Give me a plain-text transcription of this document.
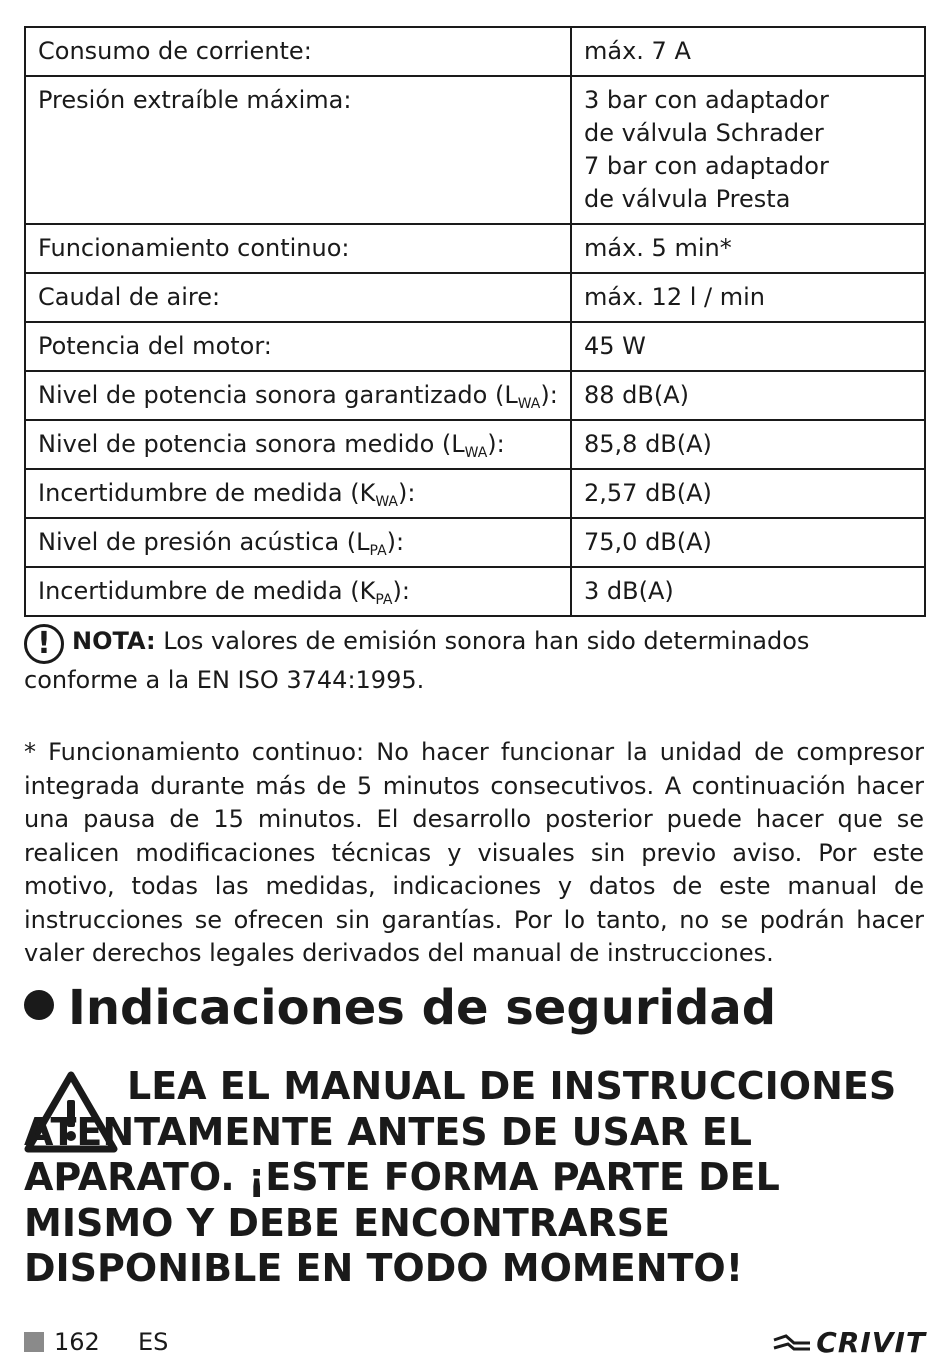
Consumo de corriente:	máx. 7 A
Presión extraíble máxima:	3 bar con adaptador
de válvula Schrader
7 bar con adaptador
de válvula Presta
Funcionamiento continuo:	máx. 5 min*
Caudal de aire:	máx. 12 l / min
Potencia del motor:	45 W
Nivel de potencia sonora garantizado $(L_{WA})$:	88 dB(A)
Nivel de potencia sonora medido $(L_{WA})$:	85,8 dB(A)
Incertidumbre de medida $(K_{WA})$:	2,57 dB(A)
Nivel de presión acústica $(L_{PA})$:	75,0 dB(A)
Incertidumbre de medida $(K_{PA})$:	3 dB(A)

! NOTA: Los valores de emisión sonora han sido determinados conforme a la EN ISO 3744:1995.

* Funcionamiento continuo: No hacer funcionar la unidad de compresor integrada durante más de 5 minutos consecutivos. A continuación hacer una pausa de 15 minutos. El desarrollo posterior puede hacer que se realicen modificaciones técnicas y visuales sin previo aviso. Por este motivo, todas las medidas, indicaciones y datos de este manual de instrucciones se ofrecen sin garantías. Por lo tanto, no se podrán hacer valer derechos legales derivados del manual de instrucciones.

Indicaciones de seguridad

LEA EL MANUAL DE INSTRUCCIONES ATENTAMENTE ANTES DE USAR EL APARATO. ¡ESTE FORMA PARTE DEL MISMO Y DEBE ENCONTRARSE DISPONIBLE EN TODO MOMENTO!

162 ES	CRIVIT
